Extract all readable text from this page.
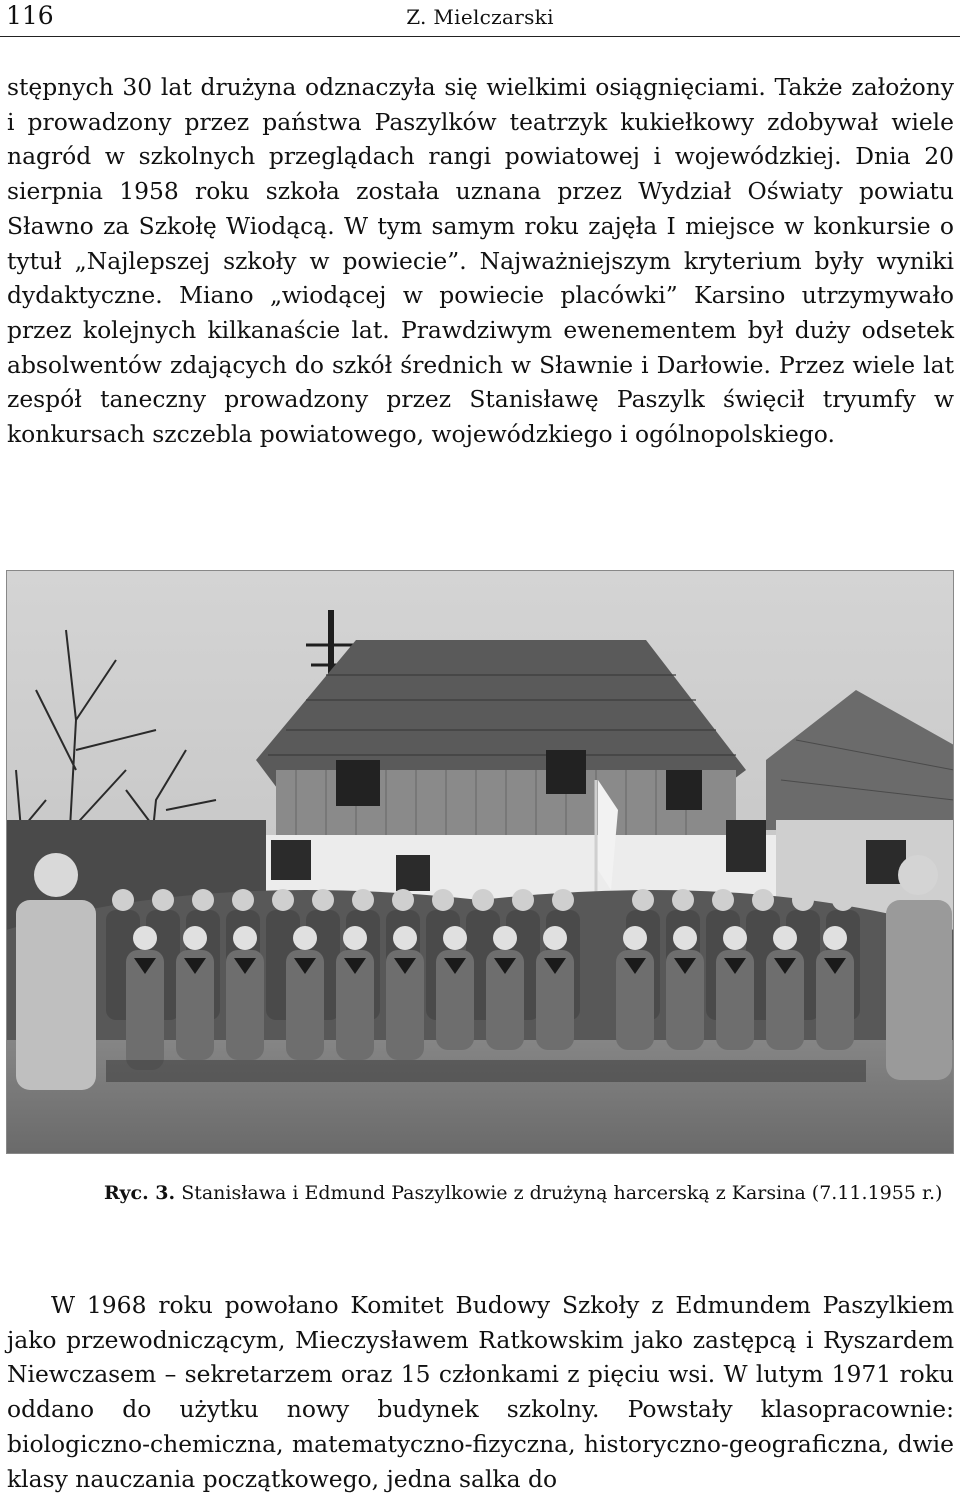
116	Z. Mielczarski

stępnych 30 lat drużyna odznaczyła się wielkimi osiągnięciami. Także założony i prowadzony przez państwa Paszylków teatrzyk kukiełkowy zdobywał wiele nagród w szkolnych przeglądach rangi powiatowej i wojewódzkiej. Dnia 20 sierpnia 1958 roku szkoła została uznana przez Wydział Oświaty powiatu Sławno za Szkołę Wiodącą. W tym samym roku zajęła I miejsce w konkursie o tytuł „Najlepszej szkoły w powiecie”. Najważniejszym kryterium były wyniki dydaktyczne. Miano „wiodącej w powiecie placówki” Karsino utrzymywało przez kolejnych kilkanaście lat. Prawdziwym ewenementem był duży odsetek absolwentów zdających do szkół średnich w Sławnie i Darłowie. Przez wiele lat zespół taneczny prowadzony przez Stanisławę Paszylk święcił tryumfy w konkursach szczebla powiatowego, wojewódzkiego i ogólnopolskiego.

Ryc. 3. Stanisława i Edmund Paszylkowie z drużyną harcerską z Karsina (7.11.1955 r.)

W 1968 roku powołano Komitet Budowy Szkoły z Edmundem Paszylkiem jako przewodniczącym, Mieczysławem Ratkowskim jako zastępcą i Ryszardem Niewczasem – sekretarzem oraz 15 członkami z pięciu wsi. W lutym 1971 roku oddano do użytku nowy budynek szkolny. Powstały klasopracownie: biologiczno-chemiczna, matematyczno-fizyczna, historyczno-geograficzna, dwie klasy nauczania początkowego, jedna salka do
